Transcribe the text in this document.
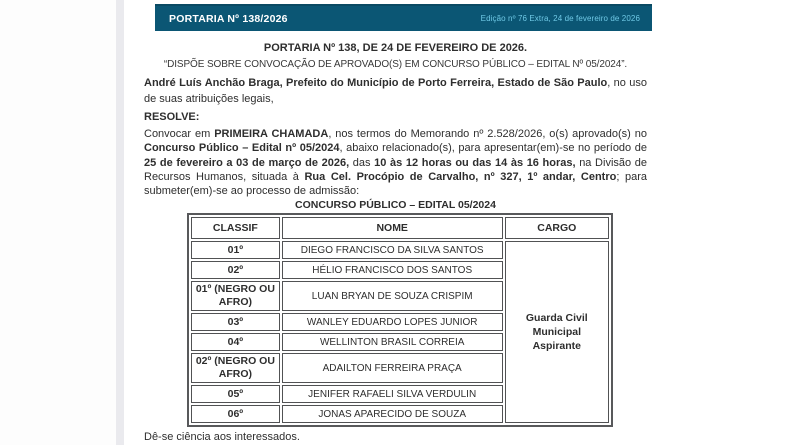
PORTARIA Nº 138/2026	Edição nº 76 Extra, 24 de fevereiro de 2026

PORTARIA Nº 138, DE 24 DE FEVEREIRO DE 2026.

“DISPÕE SOBRE CONVOCAÇÃO DE APROVADO(S) EM CONCURSO PÚBLICO – EDITAL Nº 05/2024”.

André Luís Anchão Braga, Prefeito do Município de Porto Ferreira, Estado de São Paulo, no uso de suas atribuições legais,

RESOLVE:

Convocar em PRIMEIRA CHAMADA, nos termos do Memorando nº 2.528/2026, o(s) aprovado(s) no Concurso Público – Edital nº 05/2024, abaixo relacionado(s), para apresentar(em)-se no período de 25 de fevereiro a 03 de março de 2026, das 10 às 12 horas ou das 14 às 16 horas, na Divisão de Recursos Humanos, situada à Rua Cel. Procópio de Carvalho, nº 327, 1º andar, Centro; para submeter(em)-se ao processo de admissão:

CONCURSO PÚBLICO – EDITAL 05/2024

CLASSIF	NOME	CARGO
01º	DIEGO FRANCISCO DA SILVA SANTOS	Guarda Civil Municipal Aspirante
02º	HÉLIO FRANCISCO DOS SANTOS	
01º (NEGRO OU AFRO)	LUAN BRYAN DE SOUZA CRISPIM	
03º	WANLEY EDUARDO LOPES JUNIOR	
04º	WELLINTON BRASIL CORREIA	
02º (NEGRO OU AFRO)	ADAILTON FERREIRA PRAÇA	
05º	JENIFER RAFAELI SILVA VERDULIN	
06º	JONAS APARECIDO DE SOUZA	

Dê-se ciência aos interessados.
